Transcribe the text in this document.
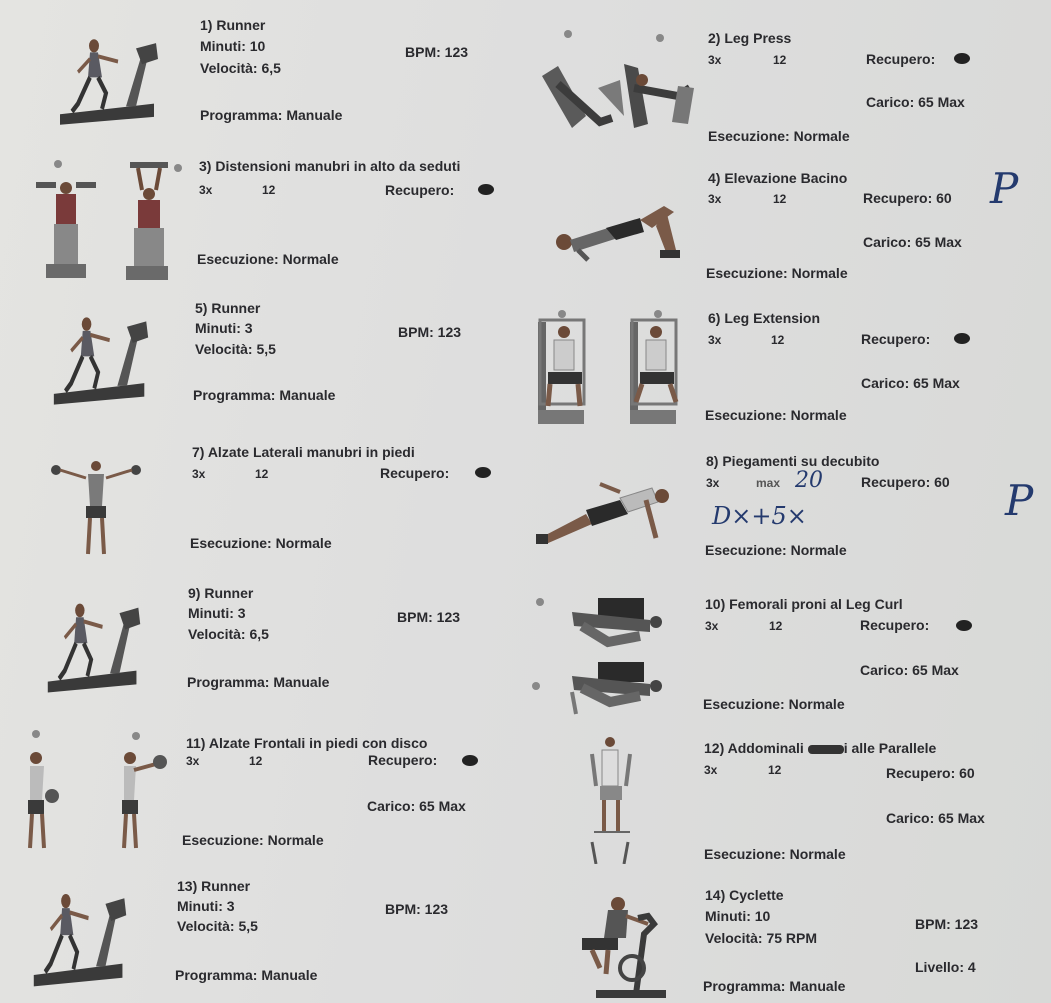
1) Runner
Minuti: 10
Velocità: 6,5
BPM: 123
Programma: Manuale
2) Leg Press
3x	12	Recupero:
Carico: 65 Max
Esecuzione: Normale
3) Distensioni manubri in alto da seduti
3x	12	Recupero:
Esecuzione: Normale
4) Elevazione Bacino
3x	12	Recupero: 60 P
Carico: 65 Max
Esecuzione: Normale
5) Runner
Minuti: 3
Velocità: 5,5
BPM: 123
Programma: Manuale
6) Leg Extension
3x	12	Recupero:
Carico: 65 Max
Esecuzione: Normale
7) Alzate Laterali manubri in piedi
3x	12	Recupero:
Esecuzione: Normale
8) Piegamenti su decubito
3x	max 20	Recupero: 60 P
D×+5×
Esecuzione: Normale
9) Runner
Minuti: 3
Velocità: 6,5
BPM: 123
Programma: Manuale
10) Femorali proni al Leg Curl
3x	12	Recupero:
Carico: 65 Max
Esecuzione: Normale
11) Alzate Frontali in piedi con disco
3x	12	Recupero:
Carico: 65 Max
Esecuzione: Normale
12) Addominali	i alle Parallele
3x	12	Recupero: 60
Carico: 65 Max
Esecuzione: Normale
13) Runner
Minuti: 3
Velocità: 5,5
BPM: 123
Programma: Manuale
14) Cyclette
Minuti: 10
Velocità: 75 RPM
BPM: 123
Livello: 4
Programma: Manuale
